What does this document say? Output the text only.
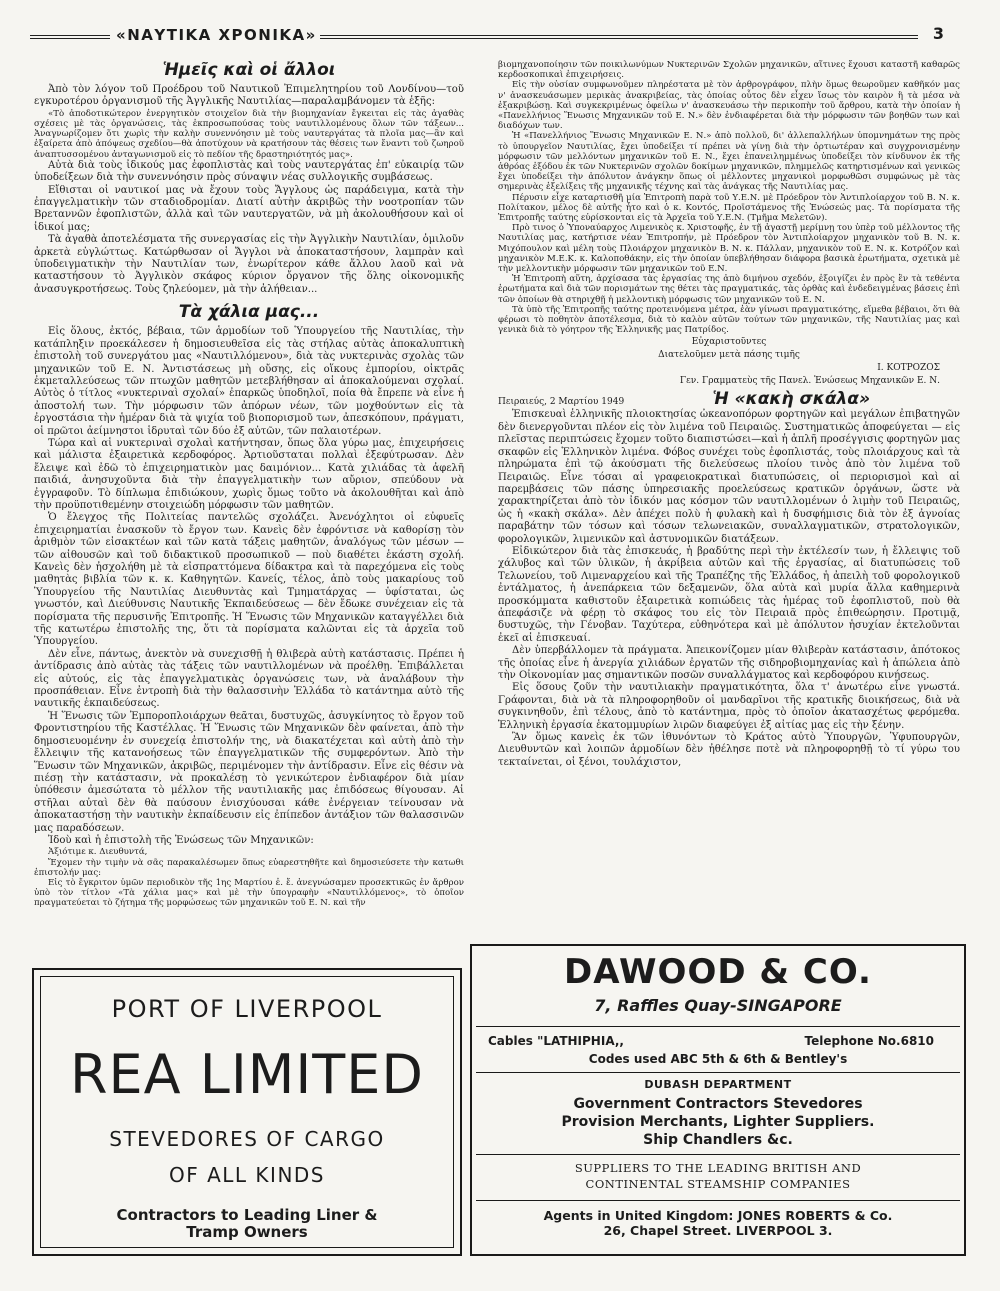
«ΝΑΥΤΙΚΑ ΧΡΟΝΙΚΑ»	3
Ἡμεῖς καὶ οἱ ἄλλοι

Ἀπὸ τὸν λόγον τοῦ Προέδρου τοῦ Ναυτικοῦ Ἐπιμελητηρίου τοῦ Λονδίνου—τοῦ εγκυροτέρου ὀργανισμοῦ τῆς Ἀγγλικῆς Ναυτιλίας—παραλαμβάνομεν τὰ ἑξῆς:

«Τὸ ἀποδοτικώτερον ἐνεργητικὸν στοιχεῖον διὰ τὴν βιομηχανίαν ἔγκειται εἰς τὰς ἀγαθὰς σχέσεις μὲ τὰς ὀργανώσεις, τὰς ἐκπροσωπούσας τοὺς ναυτιλλομένους ὅλων τῶν τάξεων... Ἀναγνωρίζομεν ὅτι χωρὶς τὴν καλὴν συνεννόησιν μὲ τοὺς ναυτεργάτας τὰ πλοῖα μας—ἂν καὶ ἐξαίρετα ἀπὸ ἀπόψεως σχεδίου—θὰ ἀποτύχουν νὰ κρατήσουν τὰς θέσεις των ἔναντι τοῦ ζωηροῦ ἀναπτυσσομένου ἀνταγωνισμοῦ εἰς τὸ πεδίον τῆς δραστηριότητός μας».

Αὐτὰ διὰ τοὺς ἰδικούς μας ἐφοπλιστὰς καὶ τοὺς ναυτεργάτας ἐπ' εὐκαιρίᾳ τῶν ὑποδείξεων διὰ τὴν συνεννόησιν πρὸς σύναψιν νέας συλλογικῆς συμβάσεως.

Εἴθισται οἱ ναυτικοί μας νὰ ἔχουν τοὺς Ἄγγλους ὡς παράδειγμα, κατὰ τὴν ἐπαγγελματικὴν τῶν σταδιοδρομίαν. Διατί αὐτὴν ἀκριβῶς τὴν νοοτροπίαν τῶν Βρεταννῶν ἐφοπλιστῶν, ἀλλὰ καὶ τῶν ναυτεργατῶν, νὰ μὴ ἀκολουθήσουν καὶ οἱ ἰδικοί μας;

Τὰ ἀγαθὰ ἀποτελέσματα τῆς συνεργασίας εἰς τὴν Ἀγγλικὴν Ναυτιλίαν, ὁμιλοῦν ἀρκετὰ εὐγλώττως. Κατώρθωσαν οἱ Ἄγγλοι νὰ ἀποκαταστήσουν, λαμπρὰν καὶ ὑποδειγματικὴν τὴν Ναυτιλίαν των, ἐνωρίτερον κάθε ἄλλου λαοῦ καὶ νὰ καταστήσουν τὸ Ἀγγλικὸν σκάφος κύριον ὄργανον τῆς ὅλης οἰκονομικῆς ἀνασυγκροτήσεως. Τοὺς ζηλεύομεν, μὰ τὴν ἀλήθειαν...

Τὰ χάλια μας...

Εἰς ὅλους, ἐκτός, βέβαια, τῶν ἁρμοδίων τοῦ Ὑπουργείου τῆς Ναυτιλίας, τὴν κατάπληξιν προεκάλεσεν ἡ δημοσιευθεῖσα εἰς τὰς στήλας αὐτὰς ἀποκαλυπτικὴ ἐπιστολὴ τοῦ συνεργάτου μας «Ναυτιλλόμενου», διὰ τὰς νυκτερινὰς σχολὰς τῶν μηχανικῶν τοῦ Ε. Ν. Ἀντιστάσεως μὴ οὔσης, εἰς οἵκους ἐμπορίου, οἰκτρᾶς ἐκμεταλλεύσεως τῶν πτωχῶν μαθητῶν μετεβλήθησαν αἱ ἀποκαλούμεναι σχολαί. Αὐτὸς ὁ τίτλος «νυκτεριναὶ σχολαί» ἐπαρκῶς ὑποδηλοῖ, ποία θὰ ἔπρεπε νὰ εἶνε ἡ ἀποστολή των. Τὴν μόρφωσιν τῶν ἀπόρων νέων, τῶν μοχθούντων εἰς τὰ ἐργοστάσια τὴν ἡμέραν διὰ τὰ ψιχία τοῦ βιοπορισμοῦ των, ἀπεσκόπουν, πράγματι, οἱ πρῶτοι ἀείμνηστοι ἱδρυταὶ τῶν δύο ἐξ αὐτῶν, τῶν παλαιοτέρων.

Τώρα καὶ αἱ νυκτεριναὶ σχολαὶ κατήντησαν, ὅπως ὅλα γύρω μας, ἐπιχειρήσεις καὶ μάλιστα ἐξαιρετικὰ κερδοφόρος. Ἀρτιοῦσταται πολλαὶ ἐξεφύτρωσαν. Δὲν ἔλειψε καὶ ἐδῶ τὸ ἐπιχειρηματικὸν μας δαιμόνιον... Κατὰ χιλιάδας τὰ ἀφελῆ παιδιά, ἀνησυχοῦντα διὰ τὴν ἐπαγγελματικὴν των αὔριον, σπεύδουν νὰ ἐγγραφοῦν. Τὸ δίπλωμα ἐπιδιώκουν, χωρὶς ὅμως τοῦτο νὰ ἀκολουθῆται καὶ ἀπὸ τὴν προϋποτιθεμένην στοιχειώδη μόρφωσιν τῶν μαθητῶν.

Ὁ ἔλεγχος τῆς Πολιτείας παντελῶς σχολάζει. Ἀνενόχλητοι οἱ εὐφυεῖς ἐπιχειρηματίαι ἐνασκοῦν τὸ ἔργον των. Κανεὶς δὲν ἐφρόντισε νὰ καθορίσῃ τὸν ἀριθμὸν τῶν εἰσακτέων καὶ τῶν κατὰ τάξεις μαθητῶν, ἀναλόγως τῶν μέσων — τῶν αἰθουσῶν καὶ τοῦ διδακτικοῦ προσωπικοῦ — ποὺ διαθέτει ἑκάστη σχολή. Κανεὶς δὲν ἠσχολήθη μὲ τὰ εἰσπραττόμενα δίδακτρα καὶ τὰ παρεχόμενα εἰς τοὺς μαθητὰς βιβλία τῶν κ. κ. Καθηγητῶν. Κανείς, τέλος, ἀπὸ τοὺς μακαρίους τοῦ Ὑπουργείου τῆς Ναυτιλίας Διευθυντὰς καὶ Τμηματάρχας — ὑφίσταται, ὡς γνωστόν, καὶ Διεύθυνσις Ναυτικῆς Ἐκπαιδεύσεως — δὲν ἔδωκε συνέχειαν εἰς τὰ πορίσματα τῆς περυσινῆς Ἐπιτροπῆς. Ἡ Ἕνωσις τῶν Μηχανικῶν καταγγέλλει διὰ τῆς κατωτέρω ἐπιστολῆς της, ὅτι τὰ πορίσματα καλῶνται εἰς τὰ ἀρχεῖα τοῦ Ὑπουργείου.

Δὲν εἶνε, πάντως, ἀνεκτὸν νὰ συνεχισθῇ ἡ θλιβερὰ αὐτὴ κατάστασις. Πρέπει ἡ ἀντίδρασις ἀπὸ αὐτὰς τὰς τάξεις τῶν ναυτιλλομένων νὰ προέλθῃ. Ἐπιβάλλεται εἰς αὐτούς, εἰς τὰς ἐπαγγελματικὰς ὀργανώσεις των, νὰ ἀναλάβουν τὴν προσπάθειαν. Εἶνε ἐντροπὴ διὰ τὴν θαλασσινὴν Ἑλλάδα τὸ κατάντημα αὐτὸ τῆς ναυτικῆς ἐκπαιδεύσεως.

Ἡ Ἕνωσις τῶν Ἐμποροπλοιάρχων θεᾶται, δυστυχῶς, ἀσυγκίνητος τὸ ἔργον τοῦ Φροντιστηρίου τῆς Καστέλλας. Ἡ Ἕνωσις τῶν Μηχανικῶν δὲν φαίνεται, ἀπὸ τὴν δημοσιευομένην ἐν συνεχείᾳ ἐπιστολήν της, νὰ διακατέχεται καὶ αὐτὴ ἀπὸ τὴν ἔλλειψιν τῆς κατανοήσεως τῶν ἐπαγγελματικῶν τῆς συμφερόντων. Ἀπὸ τὴν Ἕνωσιν τῶν Μηχανικῶν, ἀκριβῶς, περιμένομεν τὴν ἀντίδρασιν. Εἶνε εἰς θέσιν νὰ πιέσῃ τὴν κατάστασιν, νὰ προκαλέσῃ τὸ γενικώτερον ἐνδιαφέρον διὰ μίαν ὑπόθεσιν ἀμεσώτατα τὸ μέλλον τῆς ναυτιλιακῆς μας ἐπιδόσεως θίγουσαν. Αἱ στῆλαι αὐταὶ δὲν θὰ παύσουν ἐνισχύουσαι κάθε ἐνέργειαν τείνουσαν νὰ ἀποκαταστήσῃ τὴν ναυτικὴν ἐκπαίδευσιν εἰς ἐπίπεδον ἀντάξιον τῶν θαλασσινῶν μας παραδόσεων.

Ἰδοὺ καὶ ἡ ἐπιστολὴ τῆς Ἑνώσεως τῶν Μηχανικῶν:

Ἀξιότιμε κ. Διευθυντά,

Ἔχομεν τὴν τιμὴν νὰ σᾶς παρακαλέσωμεν ὅπως εὐαρεστηθῆτε καὶ δημοσιεύσετε τὴν κατωθι ἐπιστολήν μας:

Εἰς τὸ ἔγκριτον ὑμῶν περιοδικὸν τῆς 1ης Μαρτίου ἐ. ἔ. ἀνεγνώσαμεν προσεκτικῶς ἐν ἄρθρον ὑπὸ τὸν τίτλον «Τὰ χάλια μας» καὶ μὲ τὴν ὑπογραφὴν «Ναυτιλλόμενος», τὸ ὁποῖον πραγματεύεται τὸ ζήτημα τῆς μορφώσεως τῶν μηχανικῶν τοῦ Ε. Ν. καὶ τῆν

βιομηχανοποίησιν τῶν ποικιλωνύμων Νυκτερινῶν Σχολῶν μηχανικῶν, αἵτινες ἔχουσι καταστῆ καθαρῶς κερδοσκοπικαὶ ἐπιχειρήσεις.

Εἰς τὴν οὐσίαν συμφωνοῦμεν πληρέστατα μὲ τὸν ἀρθρογράφον, πλὴν ὅμως θεωροῦμεν καθῆκόν μας ν' ἀνασκευάσωμεν μερικὰς ἀνακριβείας, τὰς ὁποίας οὗτος δὲν εἶχεν ἴσως τὸν καιρὸν ἢ τὰ μέσα νὰ ἐξακριβώσῃ. Καὶ συγκεκριμένως ὀφείλω ν' ἀνασκευάσω τὴν περικοπὴν τοῦ ἄρθρου, κατὰ τὴν ὁποίαν ἡ «Πανελλήνιος Ἕνωσις Μηχανικῶν τοῦ Ε. Ν.» δὲν ἐνδιαφέρεται διὰ τὴν μόρφωσιν τῶν βοηθῶν των καὶ διαδόχων των.

Ἡ «Πανελλήνιος Ἕνωσις Μηχανικῶν Ε. Ν.» ἀπὸ πολλοῦ, δι' ἀλλεπαλλήλων ὑπομνημάτων της πρὸς τὸ ὑπουργεῖον Ναυτιλίας, ἔχει ὑποδείξει τί πρέπει νὰ γίνῃ διὰ τὴν ὀρτιωτέραν καὶ συγχρονισμένην μόρφωσιν τῶν μελλόντων μηχανικῶν τοῦ Ε. Ν., ἔχει ἐπανειλημμένως ὑποδείξει τὸν κίνδυνον ἐκ τῆς ἀθρόας ἐξόδου ἐκ τῶν Νυκτερινῶν σχολῶν δοκίμων μηχανικῶν, πλημμελῶς κατηρτισμένων καὶ γενικῶς ἔχει ὑποδείξει τὴν ἀπόλυτον ἀνάγκην ὅπως οἱ μέλλοντες μηχανικοὶ μορφωθῶσι συμφώνως μὲ τὰς σημερινὰς ἐξελίξεις τῆς μηχανικῆς τέχνης καὶ τὰς ἀνάγκας τῆς Ναυτιλίας μας.

Πέρυσιν εἶχε καταρτισθῆ μία Ἐπιτροπὴ παρὰ τοῦ Υ.Ε.Ν. μὲ Πρόεδρον τὸν Ἀντιπλοίαρχον τοῦ Β. Ν. κ. Πολίτακον, μέλος δὲ αὐτῆς ἦτο καὶ ὁ κ. Κοντός, Προϊστάμενος τῆς Ἑνώσεώς μας. Τὰ πορίσματα τῆς Ἐπιτροπῆς ταύτης εὑρίσκονται εἰς τὰ Ἀρχεῖα τοῦ Υ.Ε.Ν. (Τμῆμα Μελετῶν).

Πρὸ τινος ὁ Ὑποναύαρχος Λιμενικὸς κ. Χριστοφῆς, ἐν τῇ ἀγαστῇ μερίμνῃ του ὑπὲρ τοῦ μέλλοντος τῆς Ναυτιλίας μας, κατήρτισε νέαν Ἐπιτροπήν, μὲ Πρόεδρον τὸν Ἀντιπλοίαρχον μηχανικὸν τοῦ Β. Ν. κ. Μιχόπουλον καὶ μέλη τοὺς Πλοιάρχον μηχανικὸν Β. Ν. κ. Πάλλαν, μηχανικὸν τοῦ Ε. Ν. κ. Κοτρόζον καὶ μηχανικὸν Μ.Ε.Κ. κ. Καλοποθάκην, εἰς τὴν ὁποίαν ὑπεβλήθησαν διάφορα βασικὰ ἐρωτήματα, σχετικὰ μὲ τὴν μελλοντικὴν μόρφωσιν τῶν μηχανικῶν τοῦ Ε.Ν.

Ἡ Ἐπιτροπὴ αὕτη, ἀρχίσασα τὰς ἐργασίας της ἀπὸ διμήνου σχεδόν, ἐξοιγίζει ἐν πρὸς ἓν τὰ τεθέντα ἐρωτήματα καὶ διὰ τῶν πορισμάτων της θέτει τὰς πραγματικάς, τὰς ὀρθὰς καὶ ἐνδεδειγμένας βάσεις ἐπὶ τῶν ὁποίων θὰ στηριχθῇ ἡ μελλοντικὴ μόρφωσις τῶν μηχανικῶν τοῦ Ε. Ν.

Τὰ ὑπὸ τῆς Ἐπιτροπῆς ταύτης προτεινόμενα μέτρα, ἐὰν γίνωσι πραγματικότης, εἴμεθα βέβαιοι, ὅτι θὰ φέρωσι τὸ ποθητὸν ἀποτέλεσμα, διὰ τὸ καλὸν αὐτῶν τούτων τῶν μηχανικῶν, τῆς Ναυτιλίας μας καὶ γενικὰ διὰ τὸ γόητρον τῆς Ἑλληνικῆς μας Πατρίδος.

Εὐχαριστοῦντες
Διατελοῦμεν μετὰ πάσης τιμῆς
Ι. ΚΟΤΡΟΖΟΣ
Γεν. Γραμματεὺς τῆς Πανελ. Ἑνώσεως Μηχανικῶν Ε. Ν.
Πειραιεύς, 2 Μαρτίου 1949	Ἡ «κακὴ σκάλα»

Ἐπισκευαὶ ἑλληνικῆς πλοιοκτησίας ὠκεανοπόρων φορτηγῶν καὶ μεγάλων ἐπιβατηγῶν δὲν διενεργοῦνται πλέον εἰς τὸν λιμένα τοῦ Πειραιῶς. Συστηματικῶς ἀποφεύγεται — εἰς πλεῖστας περιπτώσεις ἔχομεν τοῦτο διαπιστώσει—καὶ ἡ ἁπλῆ προσέγγισις φορτηγῶν μας σκαφῶν εἰς Ἑλληνικὸν λιμένα. Φόβος συνέχει τοὺς ἐφοπλιστάς, τοὺς πλοιάρχους καὶ τὰ πληρώματα ἐπὶ τῷ ἀκούσματι τῆς διελεύσεως πλοίου τινὸς ἀπὸ τὸν λιμένα τοῦ Πειραιῶς. Εἶνε τόσαι αἱ γραφειοκρατικαὶ διατυπώσεις, οἱ περιορισμοὶ καὶ αἱ παρεμβάσεις τῶν πάσης ὑπηρεσιακῆς προελεύσεως κρατικῶν ὀργάνων, ὥστε νὰ χαρακτηρίζεται ἀπὸ τὸν ἰδικόν μας κόσμον τῶν ναυτιλλομένων ὁ λιμὴν τοῦ Πειραιῶς, ὡς ἡ «κακὴ σκάλα». Δὲν ἀπέχει πολὺ ἡ φυλακὴ καὶ ἡ δυσφήμισις διὰ τὸν ἐξ ἀγνοίας παραβάτην τῶν τόσων καὶ τόσων τελωνειακῶν, συναλλαγματικῶν, στρατολογικῶν, φορολογικῶν, λιμενικῶν καὶ ἀστυνομικῶν διατάξεων.

Εἰδικώτερον διὰ τὰς ἐπισκευάς, ἡ βραδύτης περὶ τὴν ἐκτέλεσίν των, ἡ ἔλλειψις τοῦ χάλυβος καὶ τῶν ὑλικῶν, ἡ ἀκρίβεια αὐτῶν καὶ τῆς ἐργασίας, αἱ διατυπώσεις τοῦ Τελωνείου, τοῦ Λιμεναρχείου καὶ τῆς Τραπέζης τῆς Ἑλλάδος, ἡ ἀπειλὴ τοῦ φορολογικοῦ ἐντάλματος, ἡ ἀνεπάρκεια τῶν δεξαμενῶν, ὅλα αὐτὰ καὶ μυρία ἄλλα καθημερινὰ προσκόμματα καθιστοῦν ἐξαιρετικὰ κοπιώδεις τὰς ἡμέρας τοῦ ἐφοπλιστοῦ, ποὺ θὰ ἀπεφάσιζε νὰ φέρῃ τὸ σκάφος του εἰς τὸν Πειραιᾶ πρὸς ἐπιθεώρησιν. Προτιμᾷ, δυστυχῶς, τὴν Γένοβαν. Ταχύτερα, εὐθηνότερα καὶ μὲ ἀπόλυτον ἡσυχίαν ἐκτελοῦνται ἐκεῖ αἱ ἐπισκευαί.

Δὲν ὑπερβάλλομεν τὰ πράγματα. Ἀπεικονίζομεν μίαν θλιβερὰν κατάστασιν, ἀπότοκος τῆς ὁποίας εἶνε ἡ ἀνεργία χιλιάδων ἐργατῶν τῆς σιδηροβιομηχανίας καὶ ἡ ἀπώλεια ἀπὸ τὴν Οἰκονομίαν μας σημαντικῶν ποσῶν συναλλάγματος καὶ κερδοφόρου κινήσεως.

Εἰς ὅσους ζοῦν τὴν ναυτιλιακὴν πραγματικότητα, ὅλα τ' ἀνωτέρω εἶνε γνωστά. Γράφονται, διὰ νὰ τὰ πληροφορηθοῦν οἱ μανδαρῖνοι τῆς κρατικῆς διοικήσεως, διὰ νὰ συγκινηθοῦν, ἐπὶ τέλους, ἀπὸ τὸ κατάντημα, πρὸς τὸ ὁποῖον ἀκατασχέτως φερόμεθα. Ἑλληνικὴ ἐργασία ἑκατομμυρίων λιρῶν διαφεύγει ἐξ αἰτίας μας εἰς τὴν ξένην.

Ἂν ὅμως κανεὶς ἐκ τῶν ἰθυνόντων τὸ Κράτος αὐτὸ Ὑπουργῶν, Ὑφυπουργῶν, Διευθυντῶν καὶ λοιπῶν ἁρμοδίων δὲν ἠθέλησε ποτὲ νὰ πληροφορηθῇ τὸ τί γύρω του τεκταίνεται, οἱ ξένοι, τουλάχιστον,

PORT OF LIVERPOOL
REA LIMITED
STEVEDORES OF CARGO
OF ALL KINDS
Contractors to Leading Liner &
Tramp Owners
DAWOOD & CO.
7, Raffles Quay-SINGAPORE
Cables "LATHIPHIA,,	Telephone No.6810
Codes used ABC 5th & 6th & Bentley's
DUBASH DEPARTMENT
Government Contractors Stevedores
Provision Merchants, Lighter Suppliers.
Ship Chandlers &c.
SUPPLIERS TO THE LEADING BRITISH AND
CONTINENTAL STEAMSHIP COMPANIES
Agents in United Kingdom: JONES ROBERTS & Co.
26, Chapel Street. LIVERPOOL 3.
